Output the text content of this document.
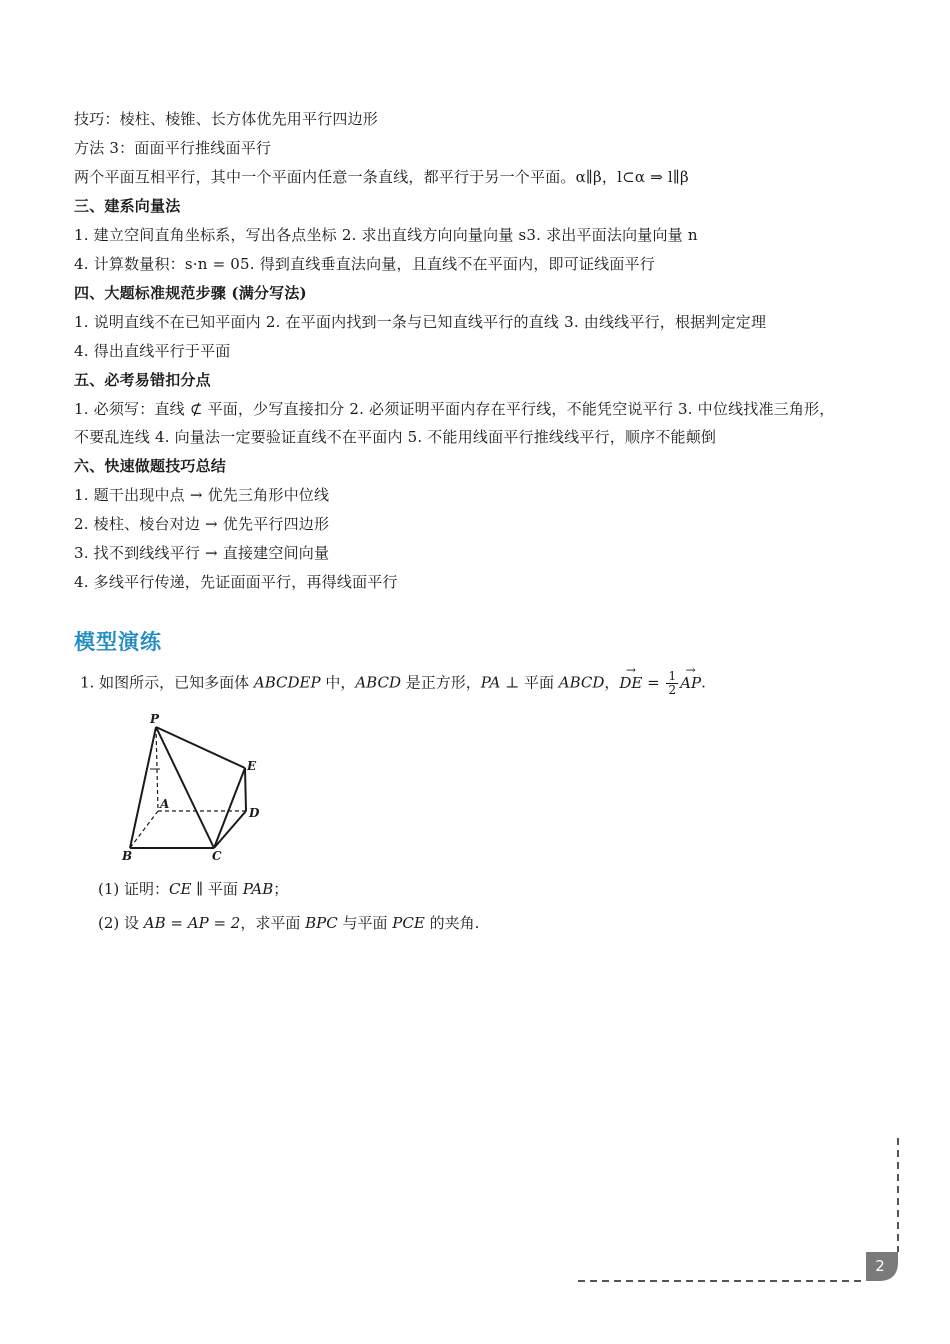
技巧：棱柱、棱锥、长方体优先用平行四边形
方法 3：面面平行推线面平行
两个平面互相平行，其中一个平面内任意一条直线，都平行于另一个平面。α∥β，l⊂α ⇒ l∥β
三、建系向量法
1. 建立空间直角坐标系，写出各点坐标 2. 求出直线方向向量向量 s3. 求出平面法向量向量 n
4. 计算数量积：s·n = 05. 得到直线垂直法向量，且直线不在平面内，即可证线面平行
四、大题标准规范步骤 (满分写法)
1. 说明直线不在已知平面内 2. 在平面内找到一条与已知直线平行的直线 3. 由线线平行，根据判定定理
4. 得出直线平行于平面
五、必考易错扣分点
1. 必须写：直线 ⊄ 平面，少写直接扣分 2. 必须证明平面内存在平行线，不能凭空说平行 3. 中位线找准三角形，
不要乱连线 4. 向量法一定要验证直线不在平面内 5. 不能用线面平行推线线平行，顺序不能颠倒
六、快速做题技巧总结
1. 题干出现中点 → 优先三角形中位线
2. 棱柱、棱台对边 → 优先平行四边形
3. 找不到线线平行 → 直接建空间向量
4. 多线平行传递，先证面面平行，再得线面平行
模型演练
1. 如图所示，已知多面体 ABCDEP 中，ABCD 是正方形，PA ⊥ 平面 ABCD，→ DE = $\frac{1}{2}$
→ AP.
P
E
A
D
B	C
(1) 证明：CE ∥ 平面 PAB；
(2) 设 AB = AP = 2，求平面 BPC 与平面 PCE 的夹角.
2
